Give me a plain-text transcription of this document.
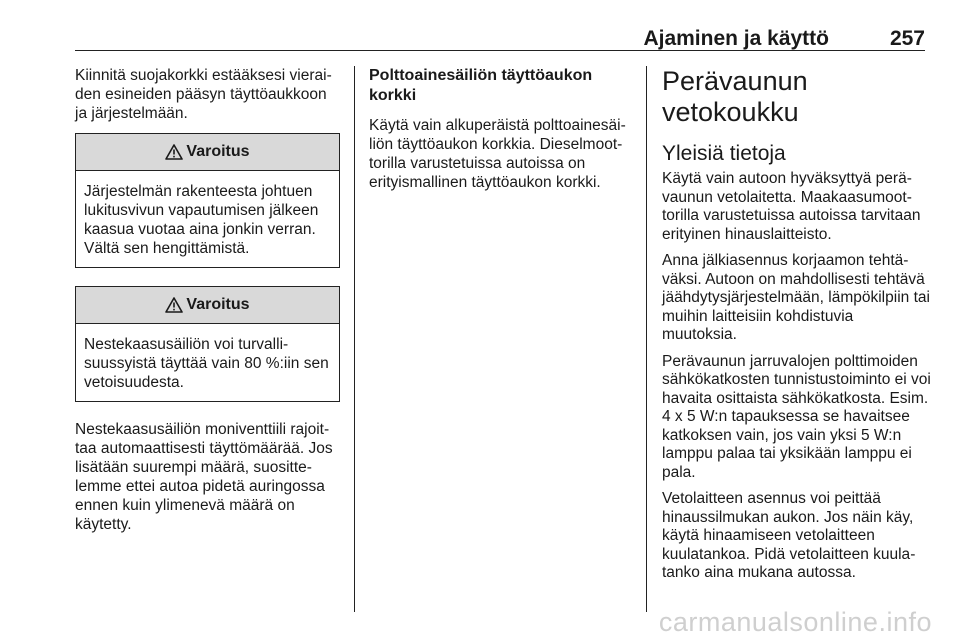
Ajaminen ja käyttö	257

Kiinnitä suojakorkki estääksesi vieraiden esineiden pääsyn täyttöaukkoon ja järjestelmään.

Varoitus

Järjestelmän rakenteesta johtuen lukitusvivun vapautumisen jälkeen kaasua vuotaa aina jonkin verran. Vältä sen hengittämistä.

Varoitus

Nestekaasusäiliön voi turvallisuussyistä täyttää vain 80 %:iin sen vetoisuudesta.

Nestekaasusäiliön moniventtiili rajoittaa automaattisesti täyttömäärää. Jos lisätään suurempi määrä, suosittelemme ettei autoa pidetä auringossa ennen kuin ylimenevä määrä on käytetty.

Polttoainesäiliön täyttöaukon korkki

Käytä vain alkuperäistä polttoainesäiliön täyttöaukon korkkia. Dieselmoottorilla varustetuissa autoissa on erityismallinen täyttöaukon korkki.

Perävaunun vetokoukku
Yleisiä tietoja

Käytä vain autoon hyväksyttyä perävaunun vetolaitetta. Maakaasumoottorilla varustetuissa autoissa tarvitaan erityinen hinauslaitteisto.

Anna jälkiasennus korjaamon tehtäväksi. Autoon on mahdollisesti tehtävä jäähdytysjärjestelmään, lämpökilpiin tai muihin laitteisiin kohdistuvia muutoksia.

Perävaunun jarruvalojen polttimoiden sähkökatkosten tunnistustoiminto ei voi havaita osittaista sähkökatkosta. Esim. 4 x 5 W:n tapauksessa se havaitsee katkoksen vain, jos vain yksi 5 W:n lamppu palaa tai yksikään lamppu ei pala.

Vetolaitteen asennus voi peittää hinaussilmukan aukon. Jos näin käy, käytä hinaamiseen vetolaitteen kuulatankoa. Pidä vetolaitteen kuulatanko aina mukana autossa.

carmanualsonline.info
